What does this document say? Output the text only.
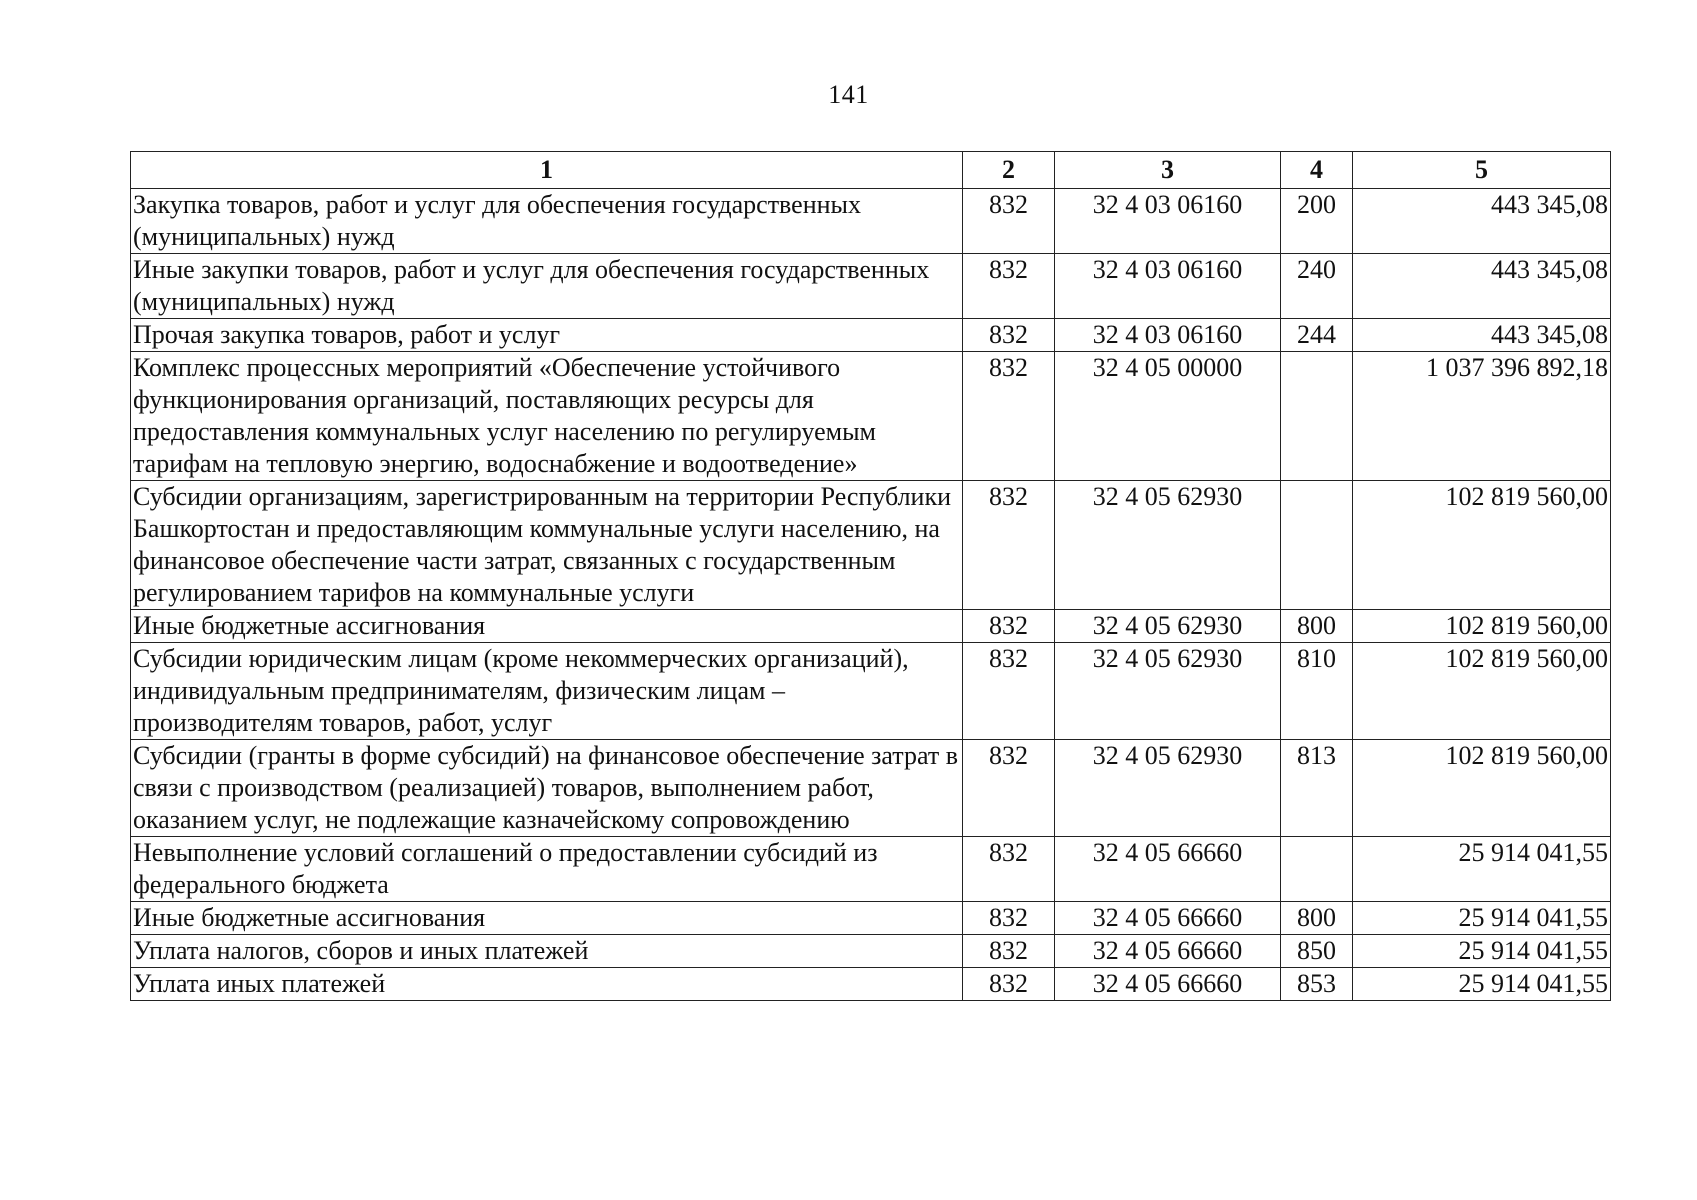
141
1	2	3	4	5
Закупка товаров, работ и услуг для обеспечения государственных (муниципальных) нужд	832	32 4 03 06160	200	443 345,08
Иные закупки товаров, работ и услуг для обеспечения государственных (муниципальных) нужд	832	32 4 03 06160	240	443 345,08
Прочая закупка товаров, работ и услуг	832	32 4 03 06160	244	443 345,08
Комплекс процессных мероприятий «Обеспечение устойчивого функционирования организаций, поставляющих ресурсы для предоставления коммунальных услуг населению по регулируемым тарифам на тепловую энергию, водоснабжение и водоотведение»	832	32 4 05 00000		1 037 396 892,18
Субсидии организациям, зарегистрированным на территории Республики Башкортостан и предоставляющим коммунальные услуги населению, на финансовое обеспечение части затрат, связанных с государственным регулированием тарифов на коммунальные услуги	832	32 4 05 62930		102 819 560,00
Иные бюджетные ассигнования	832	32 4 05 62930	800	102 819 560,00
Субсидии юридическим лицам (кроме некоммерческих организаций), индивидуальным предпринимателям, физическим лицам – производителям товаров, работ, услуг	832	32 4 05 62930	810	102 819 560,00
Субсидии (гранты в форме субсидий) на финансовое обеспечение затрат в связи с производством (реализацией) товаров, выполнением работ, оказанием услуг, не подлежащие казначейскому сопровождению	832	32 4 05 62930	813	102 819 560,00
Невыполнение условий соглашений о предоставлении субсидий из федерального бюджета	832	32 4 05 66660		25 914 041,55
Иные бюджетные ассигнования	832	32 4 05 66660	800	25 914 041,55
Уплата налогов, сборов и иных платежей	832	32 4 05 66660	850	25 914 041,55
Уплата иных платежей	832	32 4 05 66660	853	25 914 041,55
